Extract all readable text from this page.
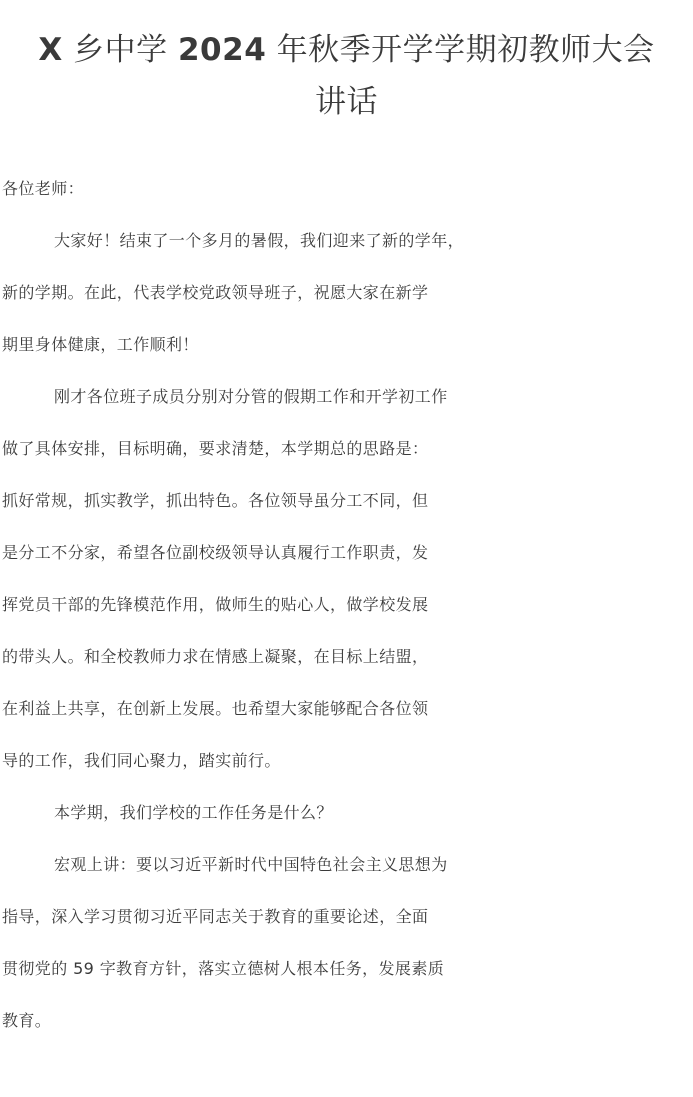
X 乡中学 2024 年秋季开学学期初教师大会
讲话
各位老师：
大家好！结束了一个多月的暑假，我们迎来了新的学年，
新的学期。在此，代表学校党政领导班子，祝愿大家在新学
期里身体健康，工作顺利！
刚才各位班子成员分别对分管的假期工作和开学初工作
做了具体安排，目标明确，要求清楚，本学期总的思路是：
抓好常规，抓实教学，抓出特色。各位领导虽分工不同，但
是分工不分家，希望各位副校级领导认真履行工作职责，发
挥党员干部的先锋模范作用，做师生的贴心人，做学校发展
的带头人。和全校教师力求在情感上凝聚，在目标上结盟，
在利益上共享，在创新上发展。也希望大家能够配合各位领
导的工作，我们同心聚力，踏实前行。
本学期，我们学校的工作任务是什么？
宏观上讲：要以习近平新时代中国特色社会主义思想为
指导，深入学习贯彻习近平同志关于教育的重要论述，全面
贯彻党的 59 字教育方针，落实立德树人根本任务，发展素质
教育。
